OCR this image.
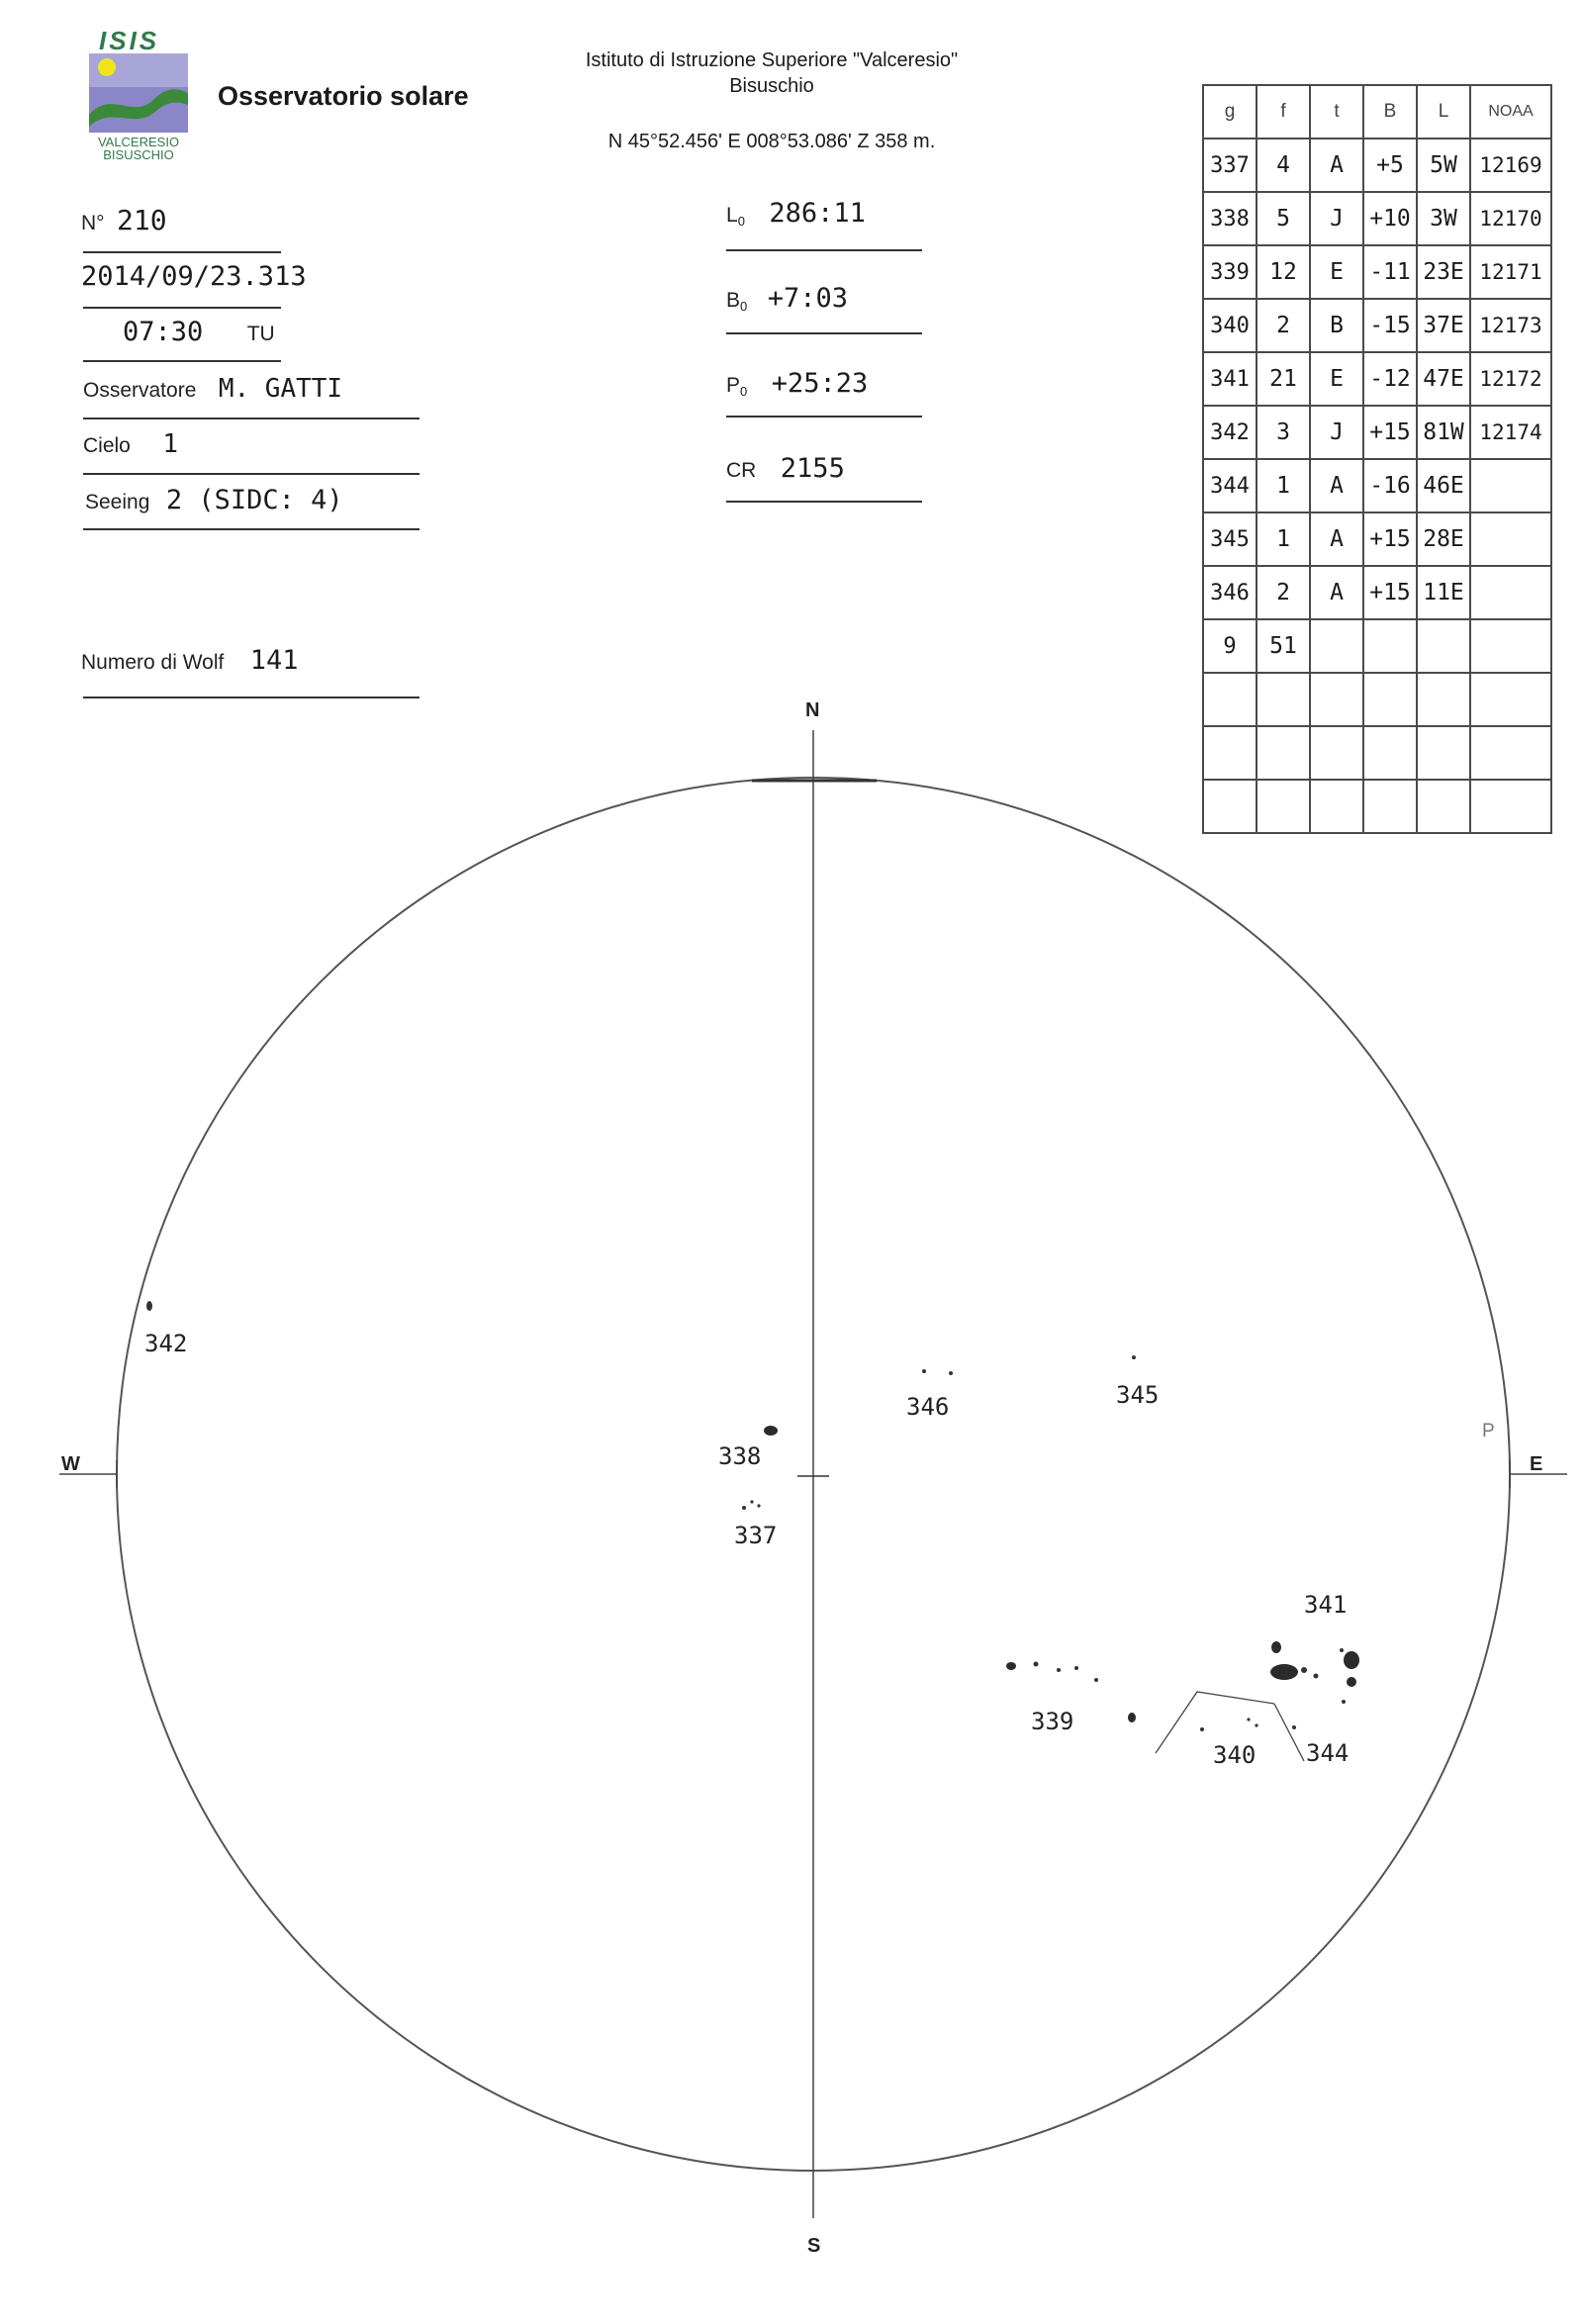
ISIS
VALCERESIO
BISUSCHIO
Osservatorio solare
Istituto di Istruzione Superiore "Valceresio"
Bisuschio
N 45°52.456' E 008°53.086' Z 358 m.
N° 210
2014/09/23.313
07:30 TU
Osservatore M. GATTI
Cielo 1
Seeing 2 (SIDC: 4)
Numero di Wolf 141
$L_0$ 286:11
$B_0$ +7:03
$P_0$ +25:23
CR 2155
g	f	t	B	L	NOAA
337	4	A	+5	5W	12169
338	5	J	+10	3W	12170
339	12	E	-11	23E	12171
340	2	B	-15	37E	12173
341	21	E	-12	47E	12172
342	3	J	+15	81W	12174
344	1	A	-16	46E	
345	1	A	+15	28E	
346	2	A	+15	11E	
9	51				

N
S
W	E
P
342
338
337
346	345
341
339
340 344
